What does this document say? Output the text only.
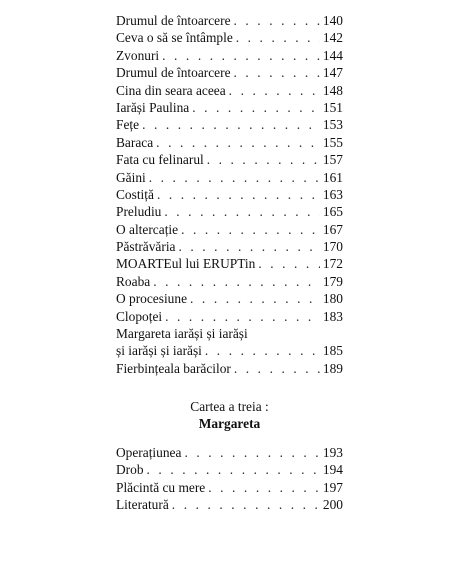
Drumul de întoarcere . . .	140
Ceva o să se întâmple . . .	142
Zvonuri . . .	144
Drumul de întoarcere . . .	147
Cina din seara aceea . . .	148
Iarăși Paulina . . .	151
Fețe . . .	153
Baraca . . .	155
Fata cu felinarul . . .	157
Găini . . .	161
Costiță . . .	163
Preludiu . . .	165
O altercație . . .	167
Păstrăvăria . . .	170
MOARTEul lui ERUPTin . . .	172
Roaba . . .	179
O procesiune . . .	180
Clopoței . . .	183
Margareta iarăși și iarăși
și iarăși și iarăși . . .	185
Fierbințeala barăcilor . . .	189
Cartea a treia :
Margareta
Operațiunea . . .	193
Drob . . .	194
Plăcintă cu mere . . .	197
Literatură . . .	200
